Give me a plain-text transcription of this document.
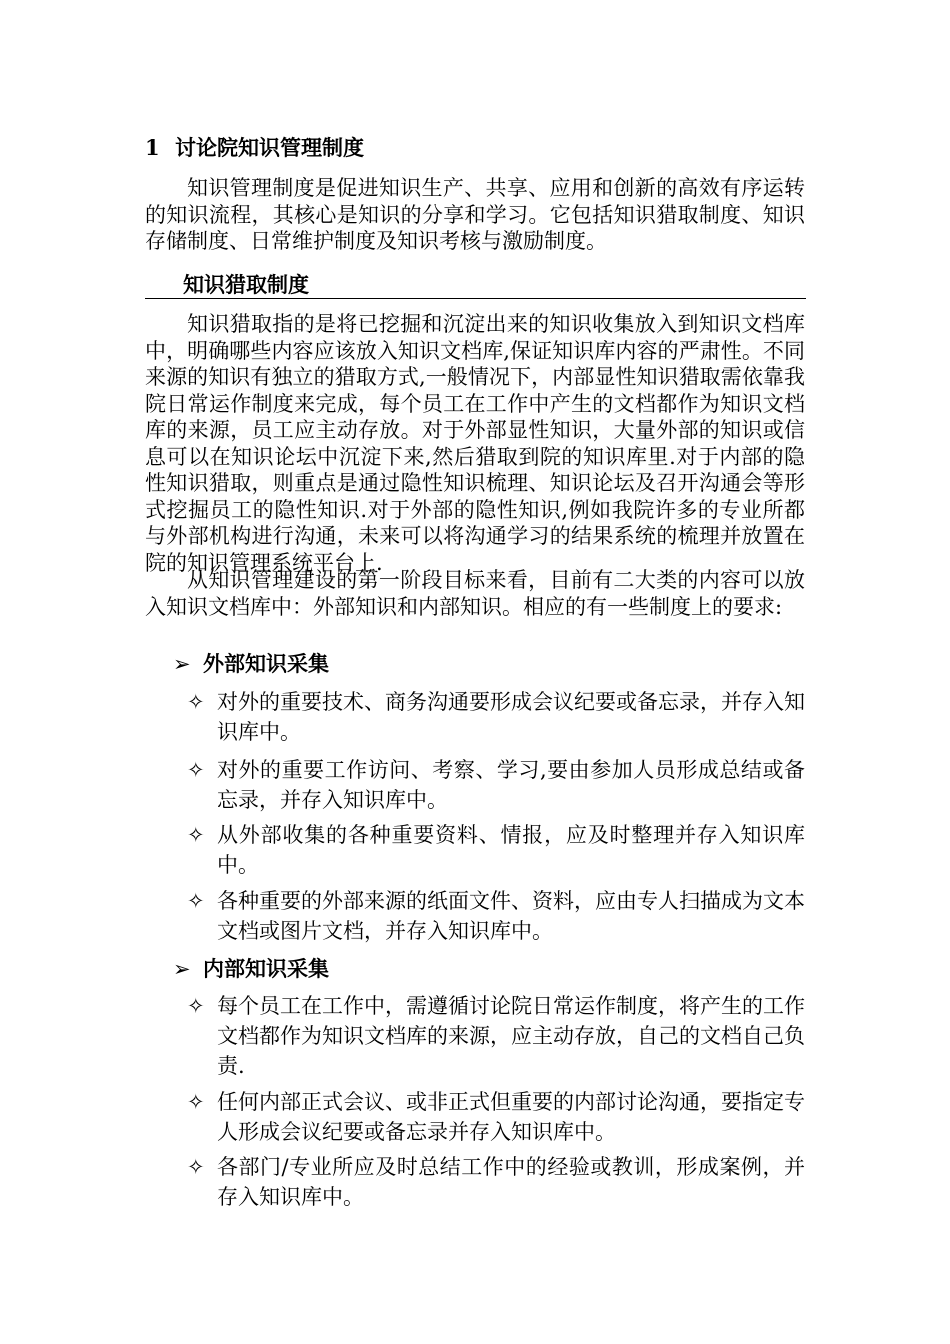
1 讨论院知识管理制度

知识管理制度是促进知识生产、共享、应用和创新的高效有序运转的知识流程，其核心是知识的分享和学习。它包括知识猎取制度、知识存储制度、日常维护制度及知识考核与激励制度。

知识猎取制度

知识猎取指的是将已挖掘和沉淀出来的知识收集放入到知识文档库中，明确哪些内容应该放入知识文档库,保证知识库内容的严肃性。不同来源的知识有独立的猎取方式,一般情况下，内部显性知识猎取需依靠我院日常运作制度来完成，每个员工在工作中产生的文档都作为知识文档库的来源，员工应主动存放。对于外部显性知识，大量外部的知识或信息可以在知识论坛中沉淀下来,然后猎取到院的知识库里.对于内部的隐性知识猎取，则重点是通过隐性知识梳理、知识论坛及召开沟通会等形式挖掘员工的隐性知识.对于外部的隐性知识,例如我院许多的专业所都与外部机构进行沟通，未来可以将沟通学习的结果系统的梳理并放置在院的知识管理系统平台上.

从知识管理建设的第一阶段目标来看，目前有二大类的内容可以放入知识文档库中：外部知识和内部知识。相应的有一些制度上的要求:

➢ 外部知识采集
✧ 对外的重要技术、商务沟通要形成会议纪要或备忘录，并存入知识库中。
✧ 对外的重要工作访问、考察、学习,要由参加人员形成总结或备忘录，并存入知识库中。
✧ 从外部收集的各种重要资料、情报，应及时整理并存入知识库中。
✧ 各种重要的外部来源的纸面文件、资料，应由专人扫描成为文本文档或图片文档，并存入知识库中。
➢ 内部知识采集
✧ 每个员工在工作中，需遵循讨论院日常运作制度，将产生的工作文档都作为知识文档库的来源，应主动存放，自己的文档自己负责.
✧ 任何内部正式会议、或非正式但重要的内部讨论沟通，要指定专人形成会议纪要或备忘录并存入知识库中。
✧ 各部门/专业所应及时总结工作中的经验或教训，形成案例，并存入知识库中。
